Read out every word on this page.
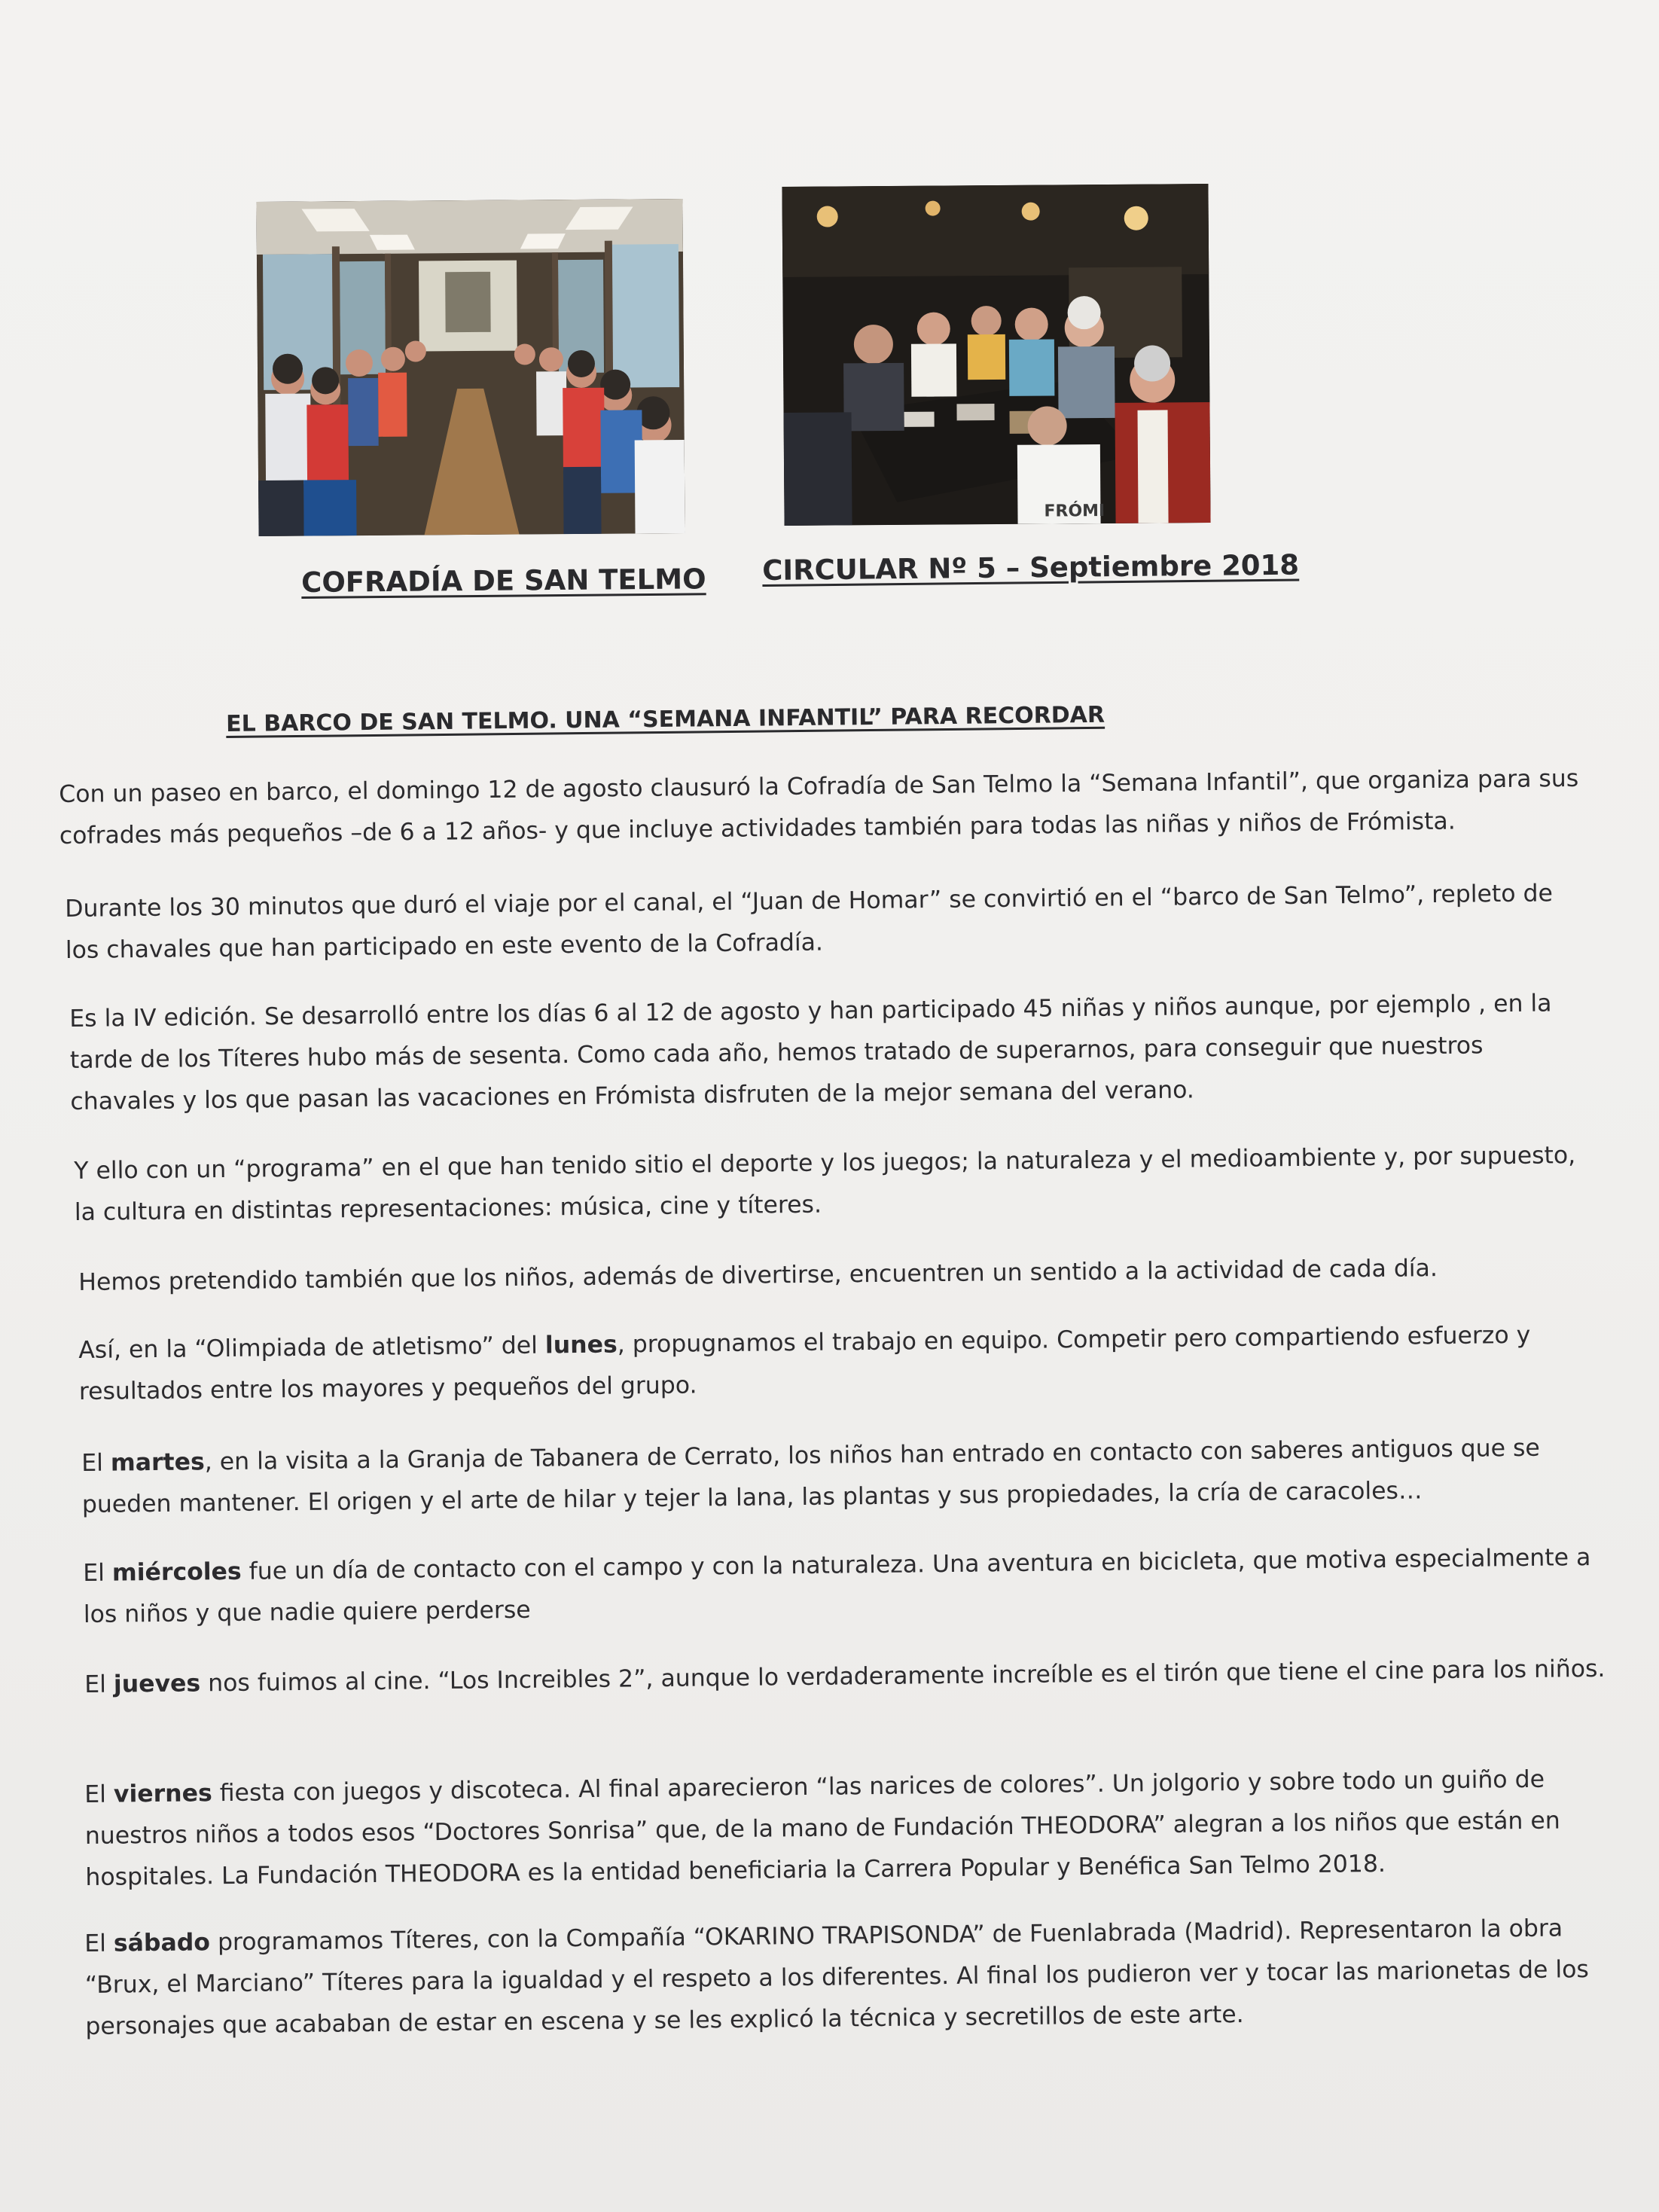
FRÓMI
COFRADÍA DE SAN TELMO CIRCULAR Nº 5 – Septiembre 2018
EL BARCO DE SAN TELMO. UNA “SEMANA INFANTIL” PARA RECORDAR
Con un paseo en barco, el domingo 12 de agosto clausuró la Cofradía de San Telmo la “Semana Infantil”, que organiza para sus cofrades más pequeños –de 6 a 12 años- y que incluye actividades también para todas las niñas y niños de Frómista.
Durante los 30 minutos que duró el viaje por el canal, el “Juan de Homar” se convirtió en el “barco de San Telmo”, repleto de los chavales que han participado en este evento de la Cofradía.
Es la IV edición. Se desarrolló entre los días 6 al 12 de agosto y han participado 45 niñas y niños aunque, por ejemplo , en la tarde de los Títeres hubo más de sesenta. Como cada año, hemos tratado de superarnos, para conseguir que nuestros chavales y los que pasan las vacaciones en Frómista disfruten de la mejor semana del verano.
Y ello con un “programa” en el que han tenido sitio el deporte y los juegos; la naturaleza y el medioambiente y, por supuesto, la cultura en distintas representaciones: música, cine y títeres.
Hemos pretendido también que los niños, además de divertirse, encuentren un sentido a la actividad de cada día.
Así, en la “Olimpiada de atletismo” del lunes, propugnamos el trabajo en equipo. Competir pero compartiendo esfuerzo y resultados entre los mayores y pequeños del grupo.
El martes, en la visita a la Granja de Tabanera de Cerrato, los niños han entrado en contacto con saberes antiguos que se pueden mantener. El origen y el arte de hilar y tejer la lana, las plantas y sus propiedades, la cría de caracoles…
El miércoles fue un día de contacto con el campo y con la naturaleza. Una aventura en bicicleta, que motiva especialmente a los niños y que nadie quiere perderse
El jueves nos fuimos al cine. “Los Increibles 2”, aunque lo verdaderamente increíble es el tirón que tiene el cine para los niños.
El viernes fiesta con juegos y discoteca. Al final aparecieron “las narices de colores”. Un jolgorio y sobre todo un guiño de nuestros niños a todos esos “Doctores Sonrisa” que, de la mano de Fundación THEODORA” alegran a los niños que están en hospitales. La Fundación THEODORA es la entidad beneficiaria la Carrera Popular y Benéfica San Telmo 2018.
El sábado programamos Títeres, con la Compañía “OKARINO TRAPISONDA” de Fuenlabrada (Madrid). Representaron la obra “Brux, el Marciano” Títeres para la igualdad y el respeto a los diferentes. Al final los pudieron ver y tocar las marionetas de los personajes que acababan de estar en escena y se les explicó la técnica y secretillos de este arte.
